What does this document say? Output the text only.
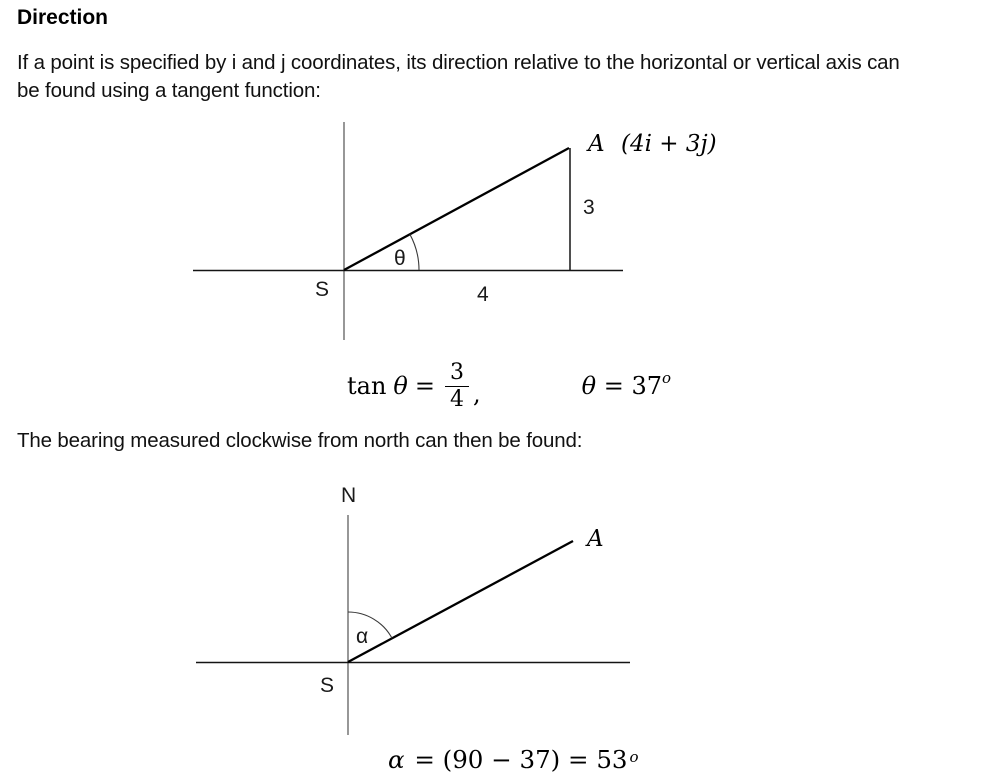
Direction

If a point is specified by i and j coordinates, its direction relative to the horizontal or vertical axis can

be found using a tangent function:

S
θ
4
3
A (4i + 3j)
$\tan \theta = \frac{3}{4}$ ,	$\theta = 37^o$

The bearing measured clockwise from north can then be found:

N
S
α
A
$\alpha = (90 - 37) = 53^o$
